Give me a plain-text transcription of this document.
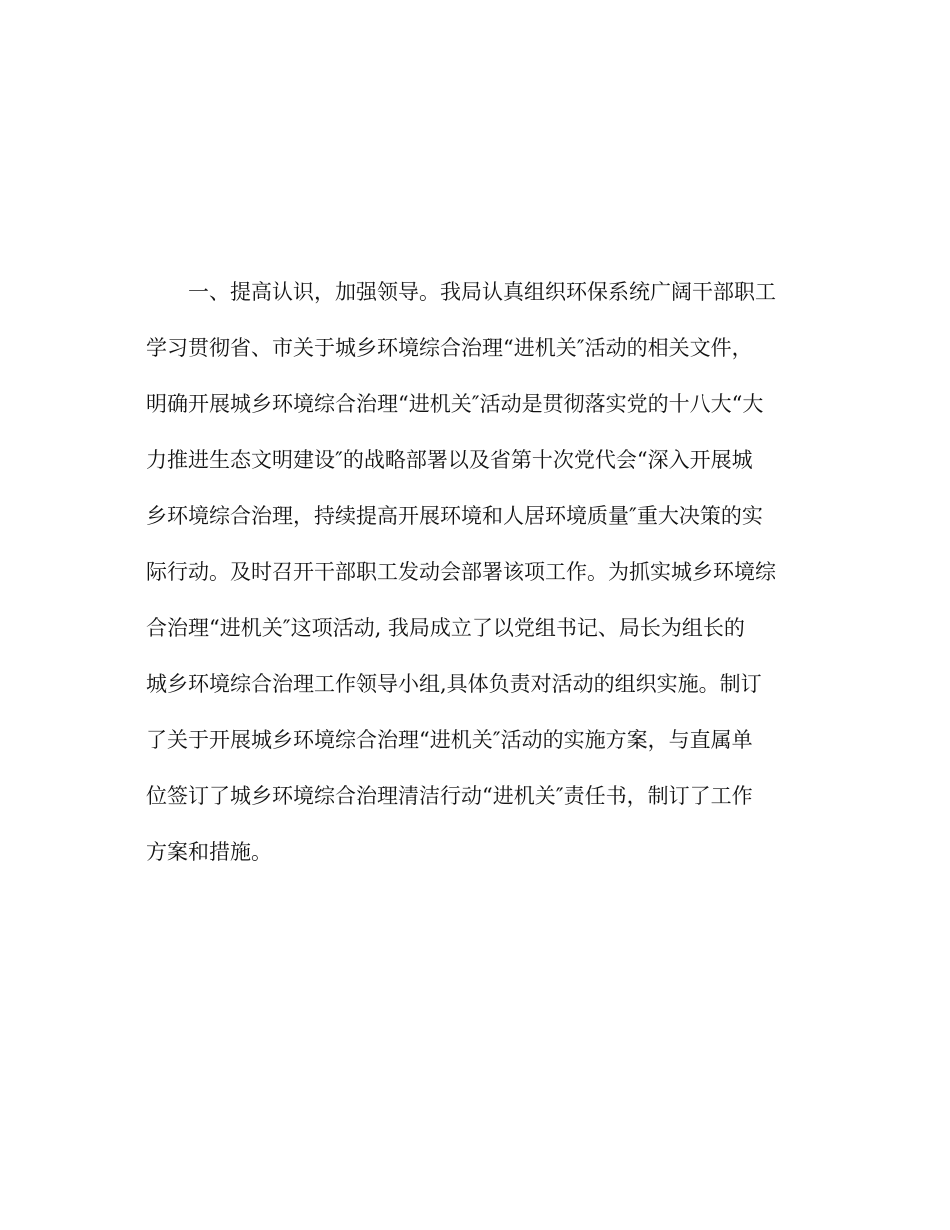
　　一、提高认识，加强领导。我局认真组织环保系统广阔干部职工
学习贯彻省、市关于城乡环境综合治理“进机关″活动的相关文件，
明确开展城乡环境综合治理“进机关″活动是贯彻落实党的十八大“大
力推进生态文明建设″的战略部署以及省第十次党代会“深入开展城
乡环境综合治理，持续提高开展环境和人居环境质量″重大决策的实
际行动。及时召开干部职工发动会部署该项工作。为抓实城乡环境综
合治理“进机关″这项活动, 我局成立了以党组书记、局长为组长的
城乡环境综合治理工作领导小组,具体负责对活动的组织实施。制订
了关于开展城乡环境综合治理“进机关″活动的实施方案，与直属单
位签订了城乡环境综合治理清洁行动“进机关″责任书，制订了工作
方案和措施。
